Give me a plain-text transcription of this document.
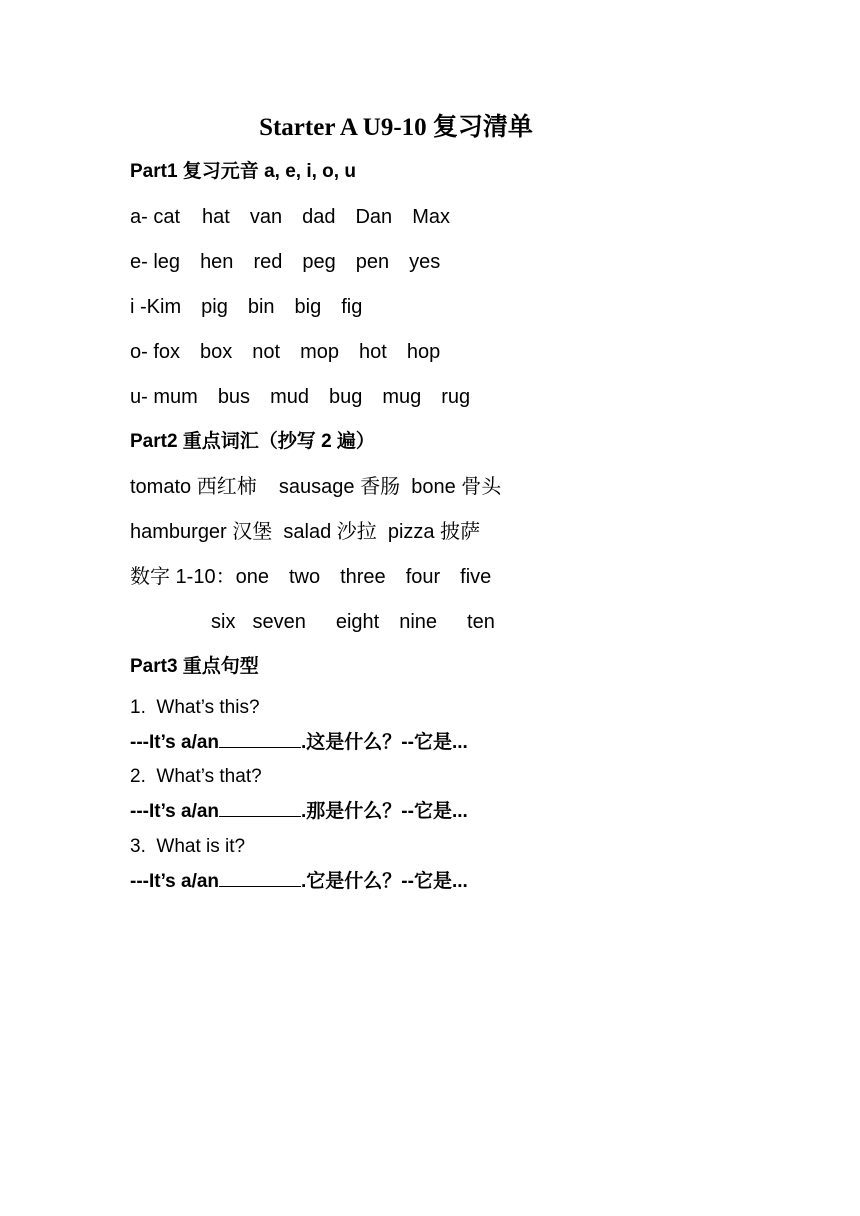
Starter A U9-10 复习清单
Part1 复习元音 a, e, i, o, u
a- cat hat van dad Dan Max
e- leg hen red peg pen yes
i -Kim pig bin big fig
o- fox box not mop hot hop
u- mum bus mud bug mug rug
Part2 重点词汇（抄写 2 遍）
tomato 西红柿    sausage 香肠  bone 骨头
hamburger 汉堡  salad 沙拉  pizza 披萨
数字 1-10：one two three four five
six seven eight nine ten
Part3 重点句型
1.  What’s this?
---It’s a/an	.这是什么？--它是...
2.  What’s that?
---It’s a/an	.那是什么？--它是...
3.  What is it?
---It’s a/an	.它是什么？--它是...
